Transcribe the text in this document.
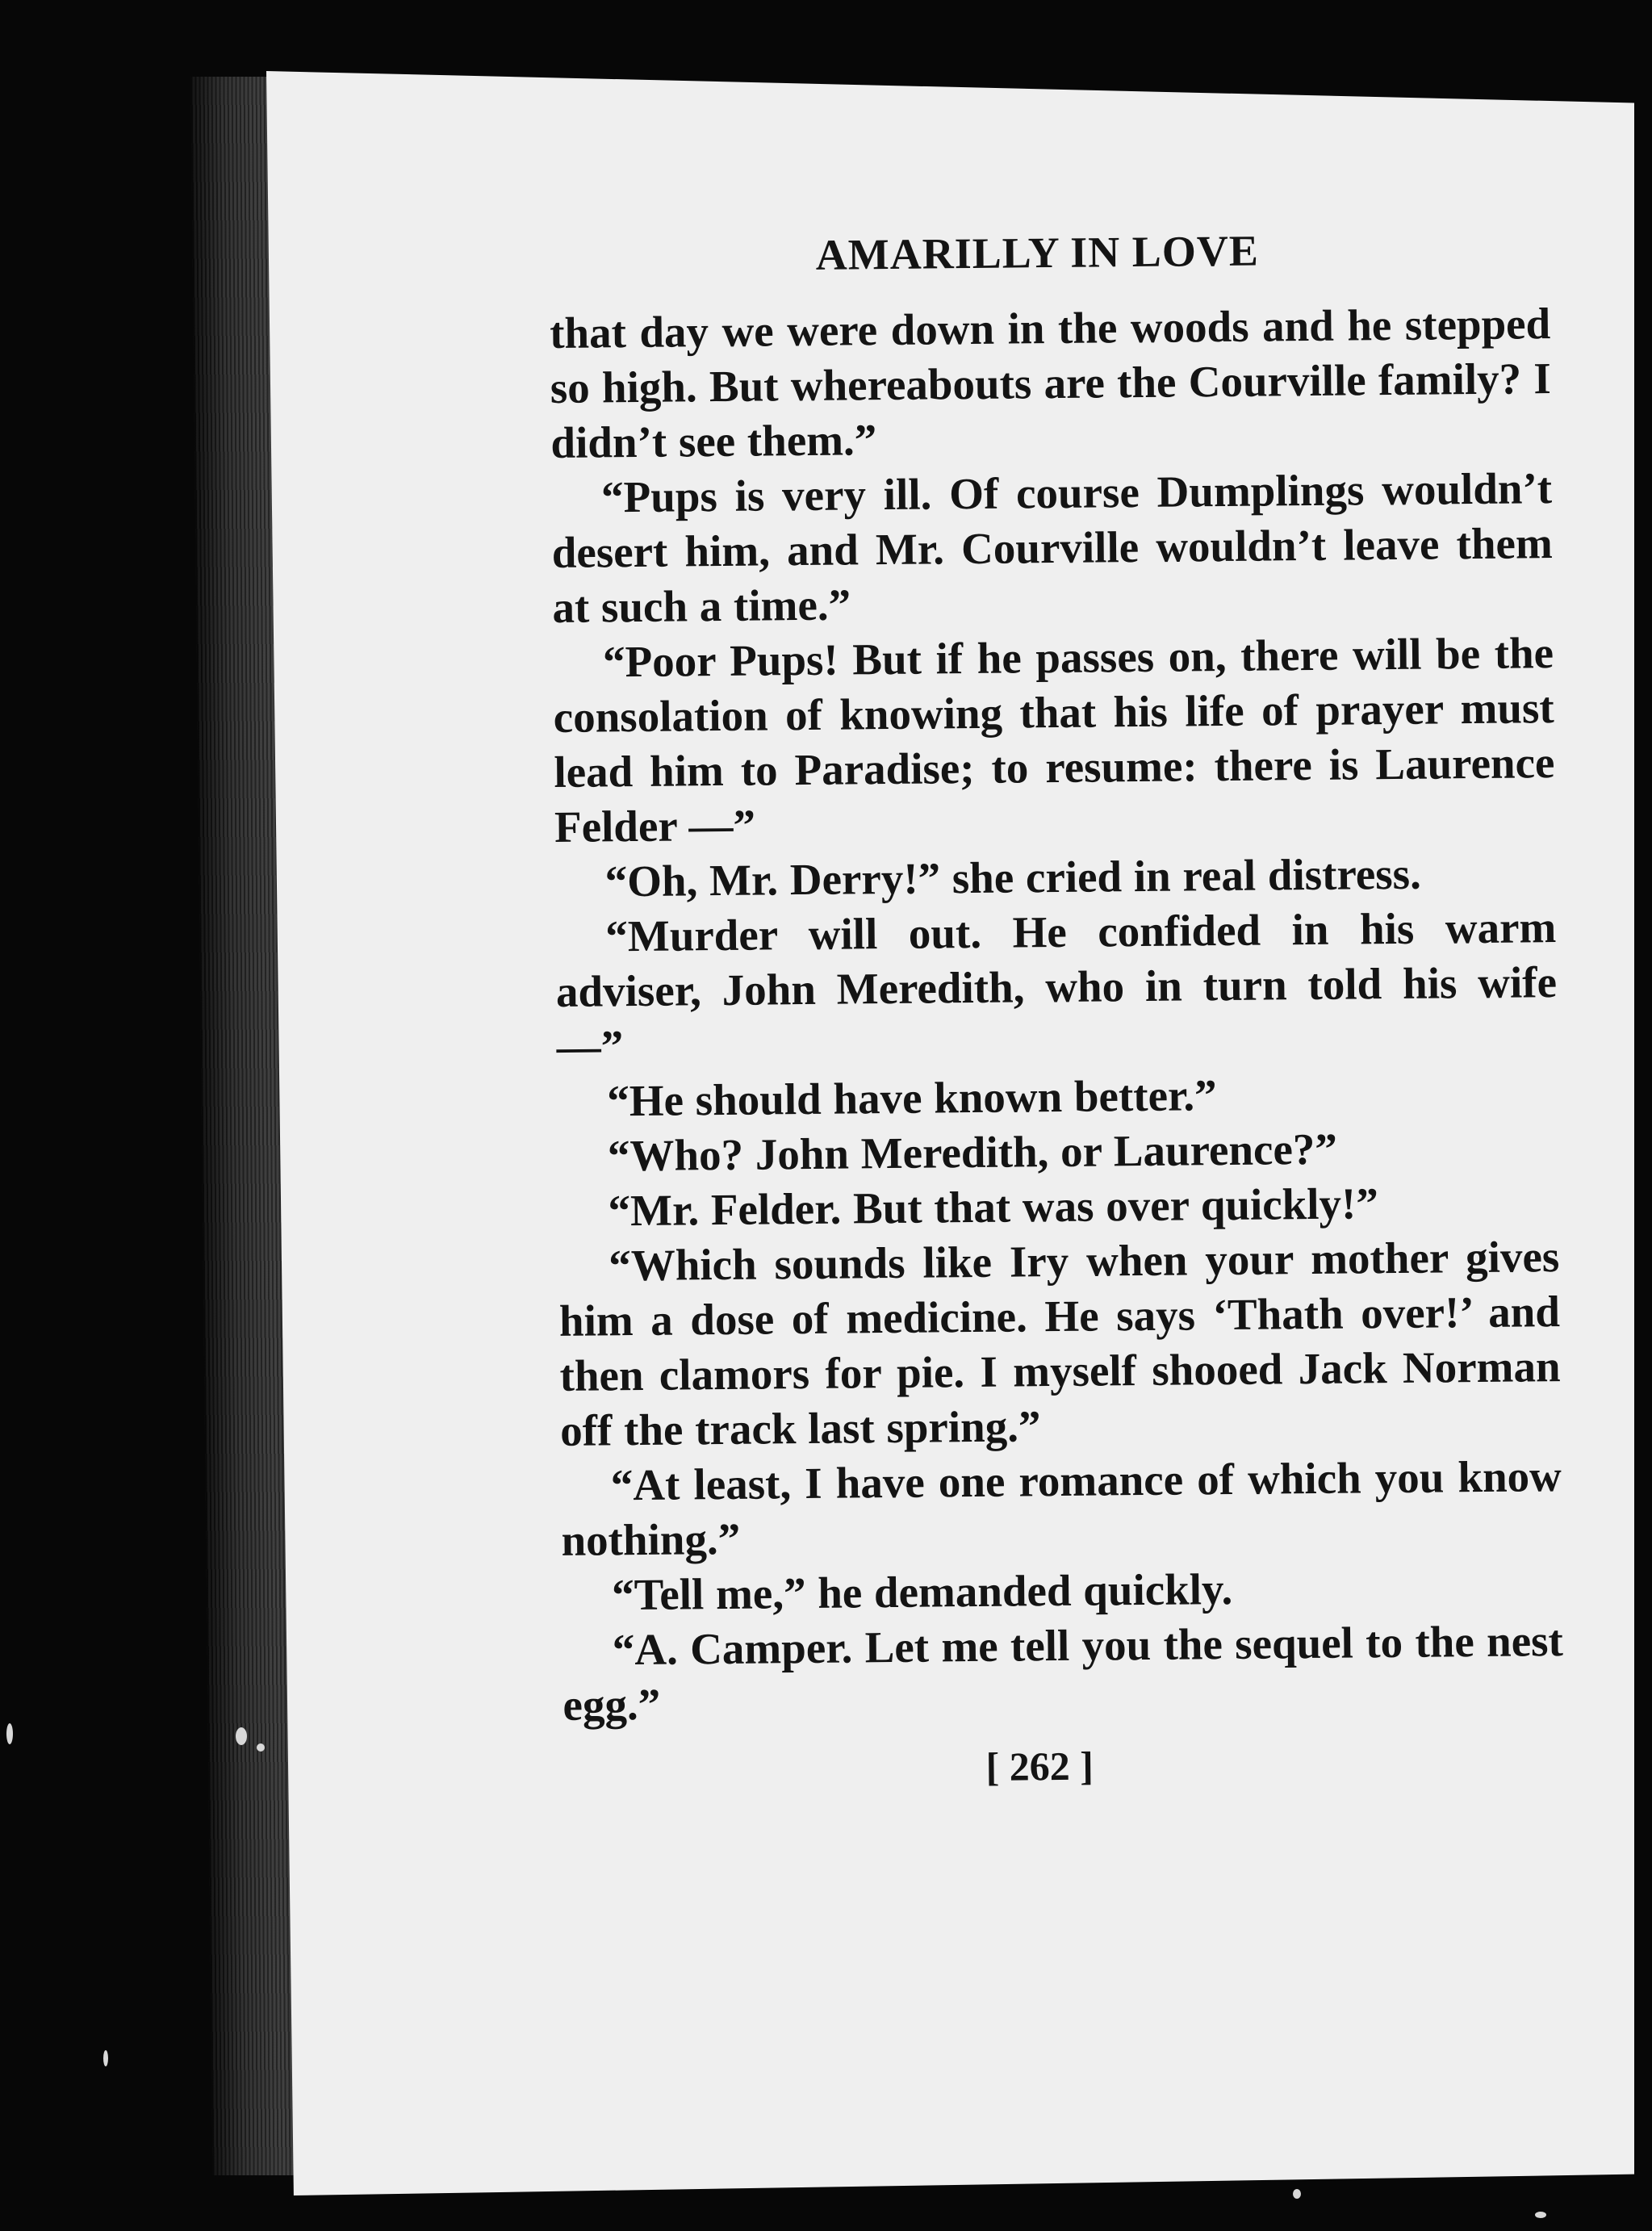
AMARILLY IN LOVE

that day we were down in the woods and he stepped so high. But whereabouts are the Courville family? I didn’t see them.”

“Pups is very ill. Of course Dumplings wouldn’t desert him, and Mr. Courville wouldn’t leave them at such a time.”

“Poor Pups! But if he passes on, there will be the consolation of knowing that his life of prayer must lead him to Paradise; to resume: there is Laurence Felder —”

“Oh, Mr. Derry!” she cried in real distress.

“Murder will out. He confided in his warm adviser, John Meredith, who in turn told his wife —”

“He should have known better.”

“Who? John Meredith, or Laurence?”

“Mr. Felder. But that was over quickly!”

“Which sounds like Iry when your mother gives him a dose of medicine. He says ‘Thath over!’ and then clamors for pie. I myself shooed Jack Norman off the track last spring.”

“At least, I have one romance of which you know nothing.”

“Tell me,” he demanded quickly.

“A. Camper. Let me tell you the sequel to the nest egg.”

[ 262 ]
